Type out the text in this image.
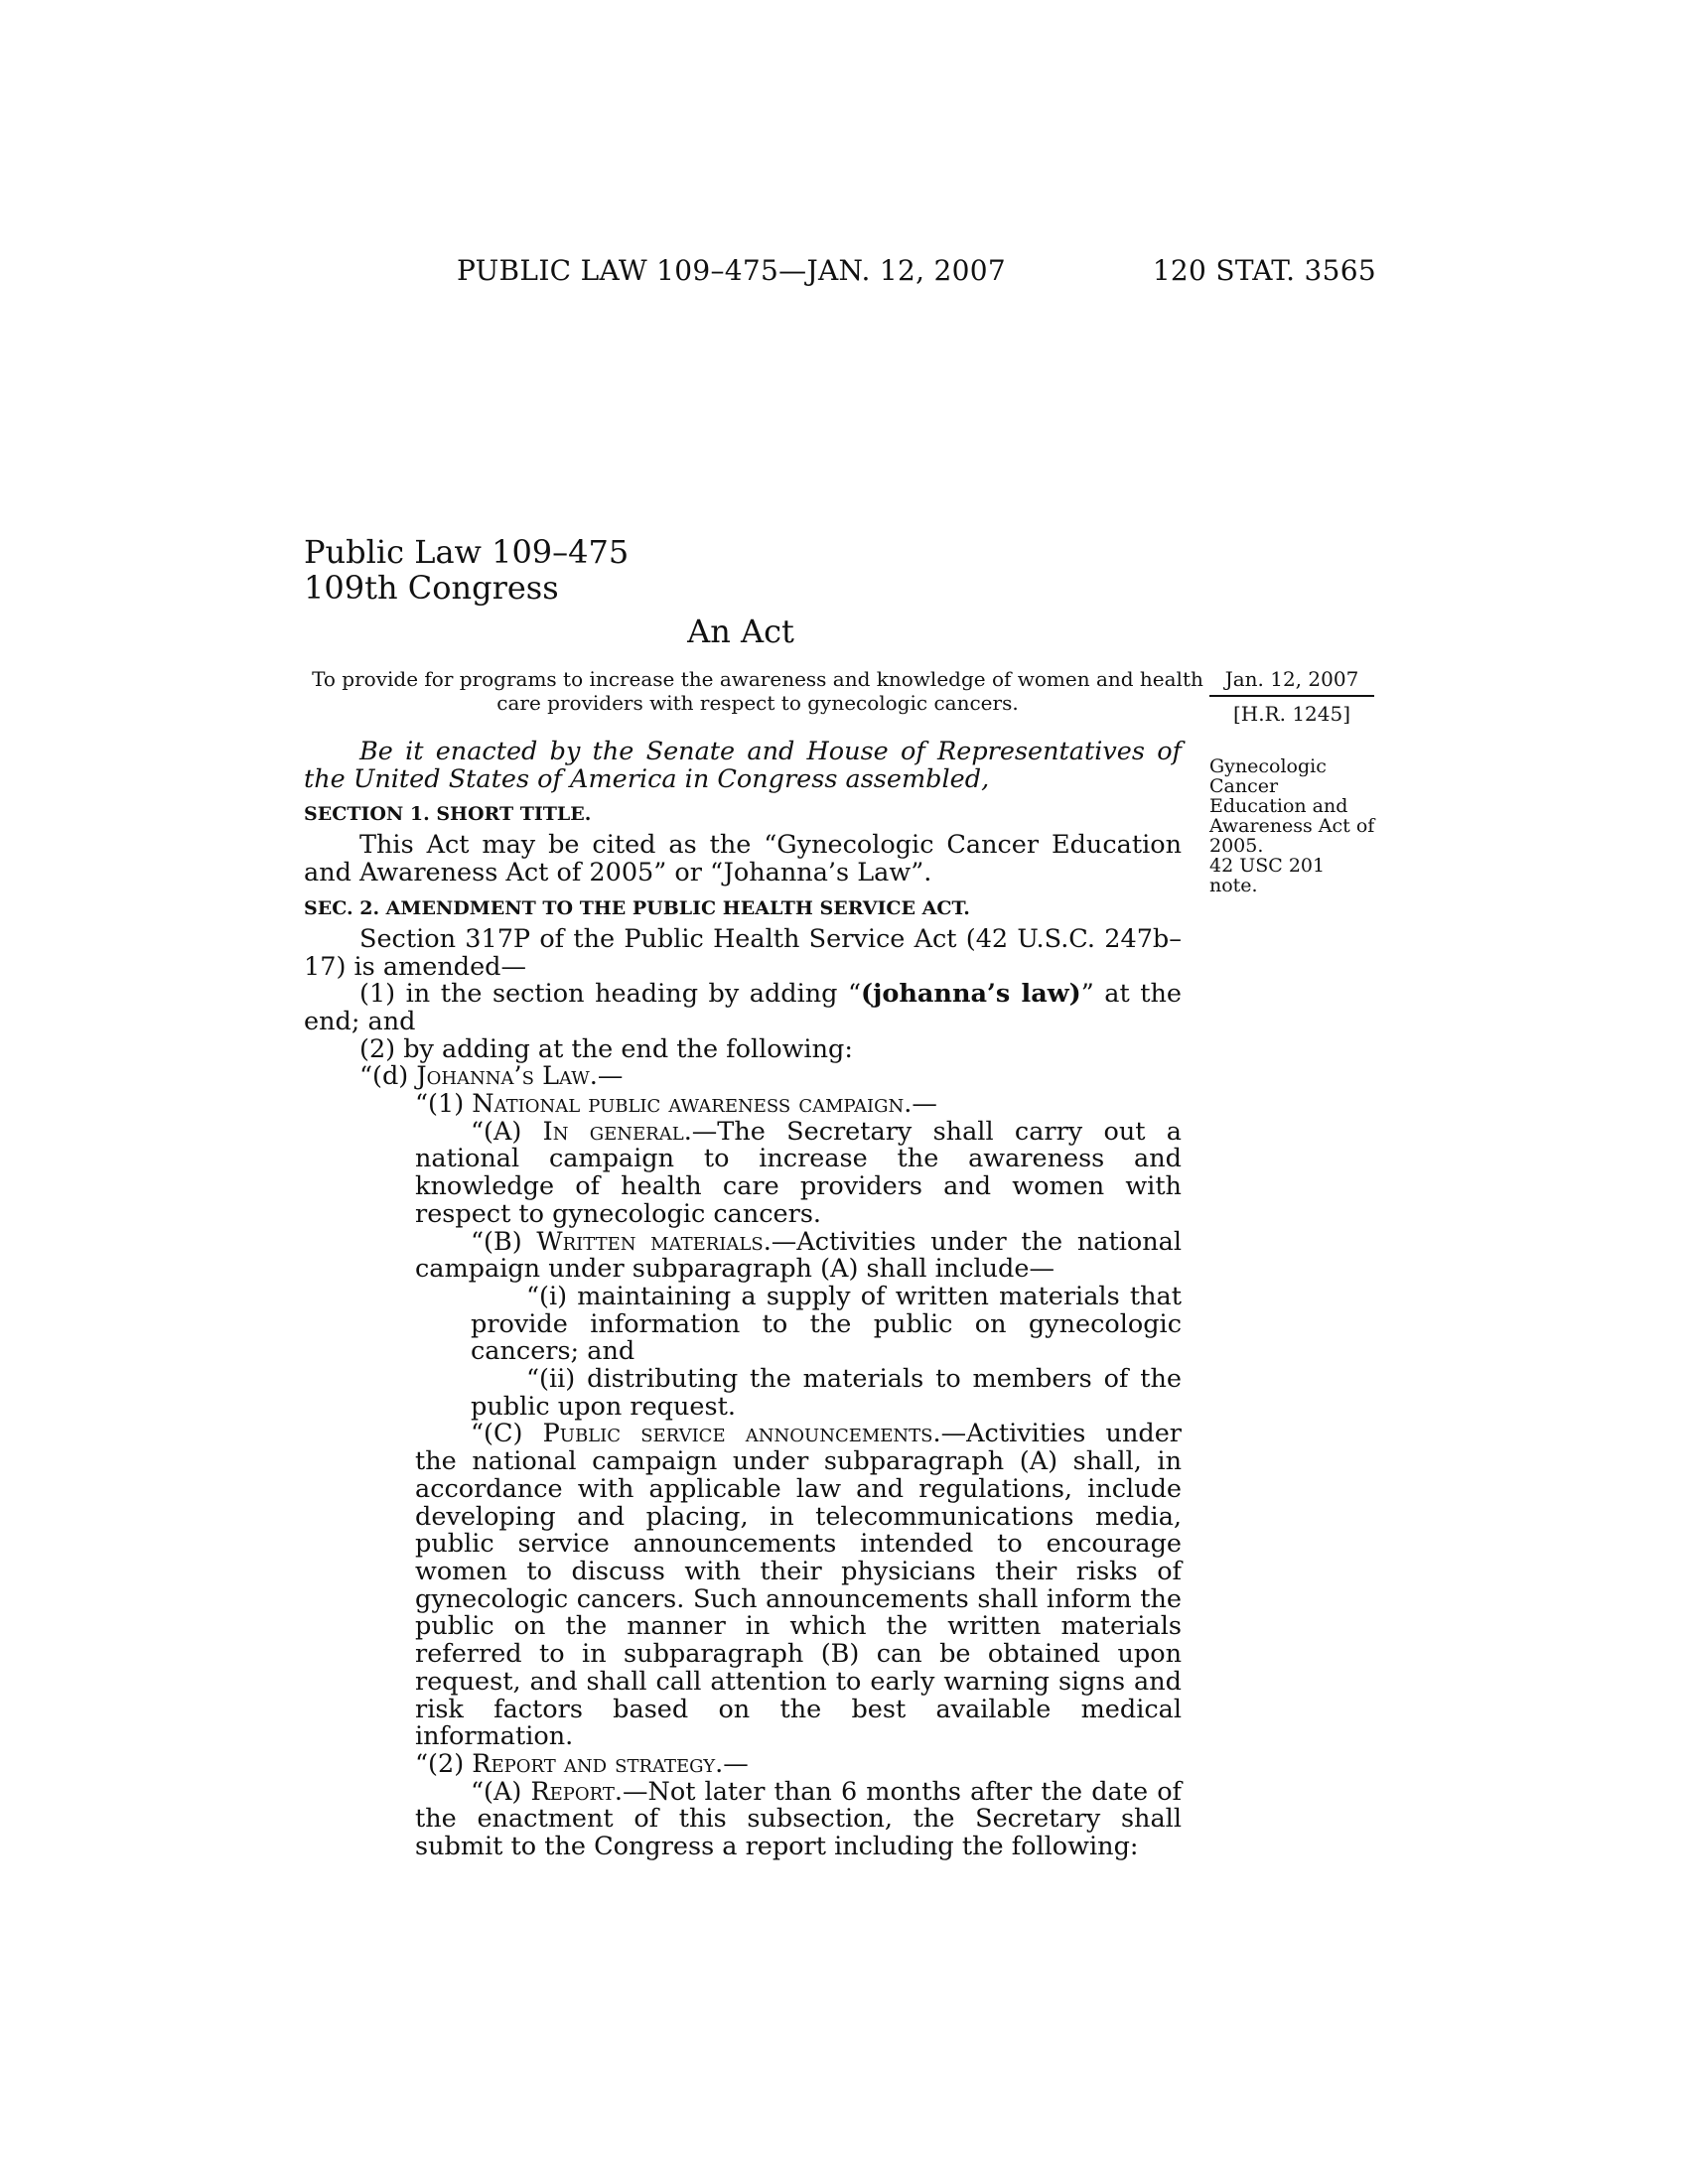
PUBLIC LAW 109–475—JAN. 12, 2007	120 STAT. 3565
Public Law 109–475
109th Congress
An Act
To provide for programs to increase the awareness and knowledge of women and health care providers with respect to gynecologic cancers.
Jan. 12, 2007
[H.R. 1245]
Gynecologic
Cancer
Education and
Awareness Act of
2005.
42 USC 201 note.

Be it enacted by the Senate and House of Representatives of the United States of America in Congress assembled,

SECTION 1. SHORT TITLE.

This Act may be cited as the “Gynecologic Cancer Education and Awareness Act of 2005” or “Johanna’s Law”.

SEC. 2. AMENDMENT TO THE PUBLIC HEALTH SERVICE ACT.

Section 317P of the Public Health Service Act (42 U.S.C. 247b–17) is amended—

(1) in the section heading by adding “(johanna’s law)” at the end; and

(2) by adding at the end the following:

“(d) Johanna’s Law.—

“(1) National public awareness campaign.—

“(A) In general.—The Secretary shall carry out a national campaign to increase the awareness and knowledge of health care providers and women with respect to gynecologic cancers.

“(B) Written materials.—Activities under the national campaign under subparagraph (A) shall include—

“(i) maintaining a supply of written materials that provide information to the public on gynecologic cancers; and

“(ii) distributing the materials to members of the public upon request.

“(C) Public service announcements.—Activities under the national campaign under subparagraph (A) shall, in accordance with applicable law and regulations, include developing and placing, in telecommunications media, public service announcements intended to encourage women to discuss with their physicians their risks of gynecologic cancers. Such announcements shall inform the public on the manner in which the written materials referred to in subparagraph (B) can be obtained upon request, and shall call attention to early warning signs and risk factors based on the best available medical information.

“(2) Report and strategy.—

“(A) Report.—Not later than 6 months after the date of the enactment of this subsection, the Secretary shall submit to the Congress a report including the following:
